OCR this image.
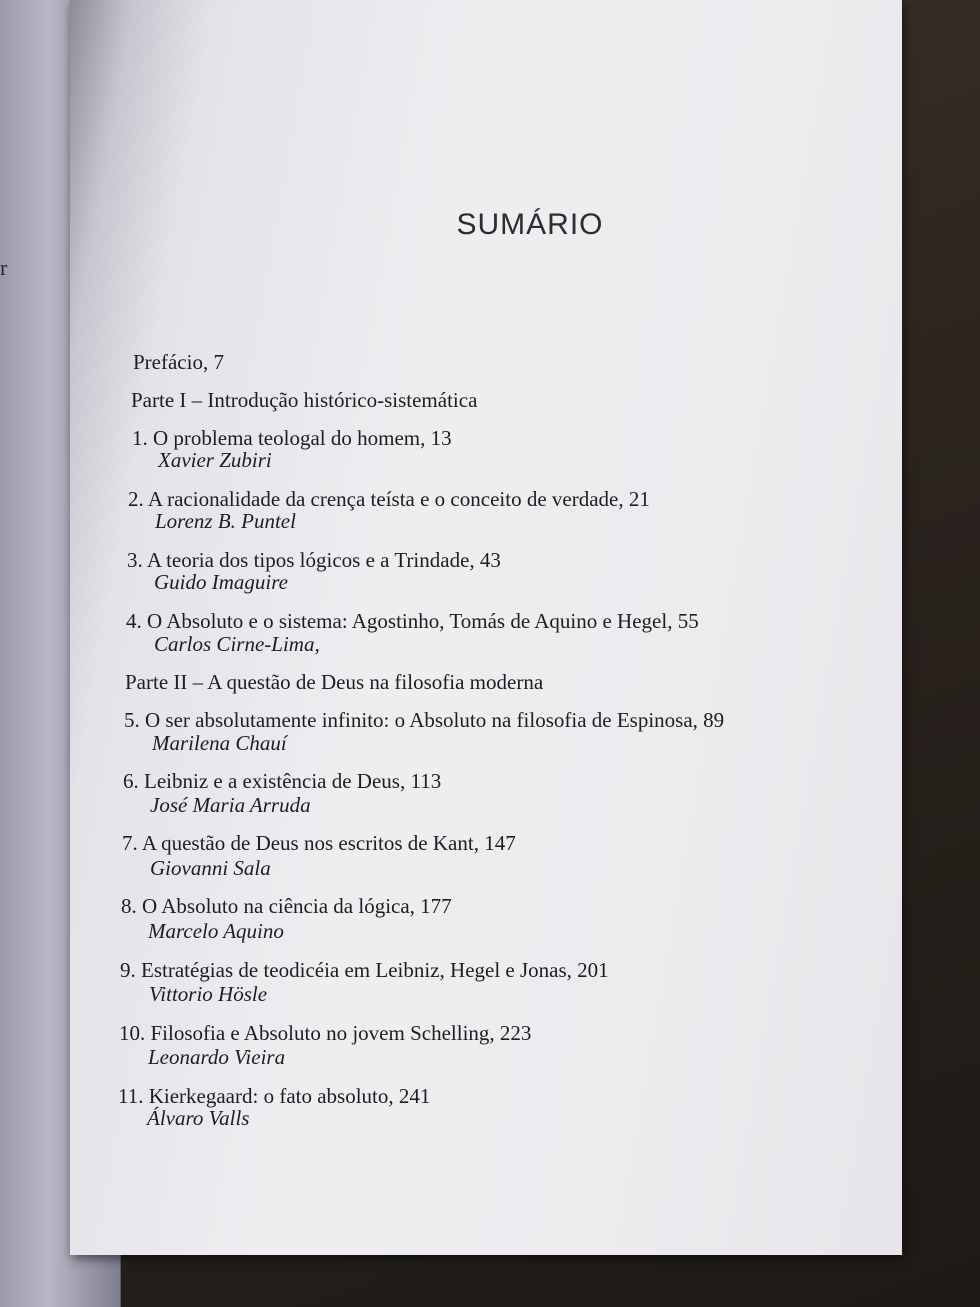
r
SUMÁRIO
Prefácio, 7
Parte I – Introdução histórico-sistemática
1. O problema teologal do homem, 13
Xavier Zubiri
2. A racionalidade da crença teísta e o conceito de verdade, 21
Lorenz B. Puntel
3. A teoria dos tipos lógicos e a Trindade, 43
Guido Imaguire
4. O Absoluto e o sistema: Agostinho, Tomás de Aquino e Hegel, 55
Carlos Cirne-Lima,
Parte II – A questão de Deus na filosofia moderna
5. O ser absolutamente infinito: o Absoluto na filosofia de Espinosa, 89
Marilena Chauí
6. Leibniz e a existência de Deus, 113
José Maria Arruda
7. A questão de Deus nos escritos de Kant, 147
Giovanni Sala
8. O Absoluto na ciência da lógica, 177
Marcelo Aquino
9. Estratégias de teodicéia em Leibniz, Hegel e Jonas, 201
Vittorio Hösle
10. Filosofia e Absoluto no jovem Schelling, 223
Leonardo Vieira
11. Kierkegaard: o fato absoluto, 241
Álvaro Valls
